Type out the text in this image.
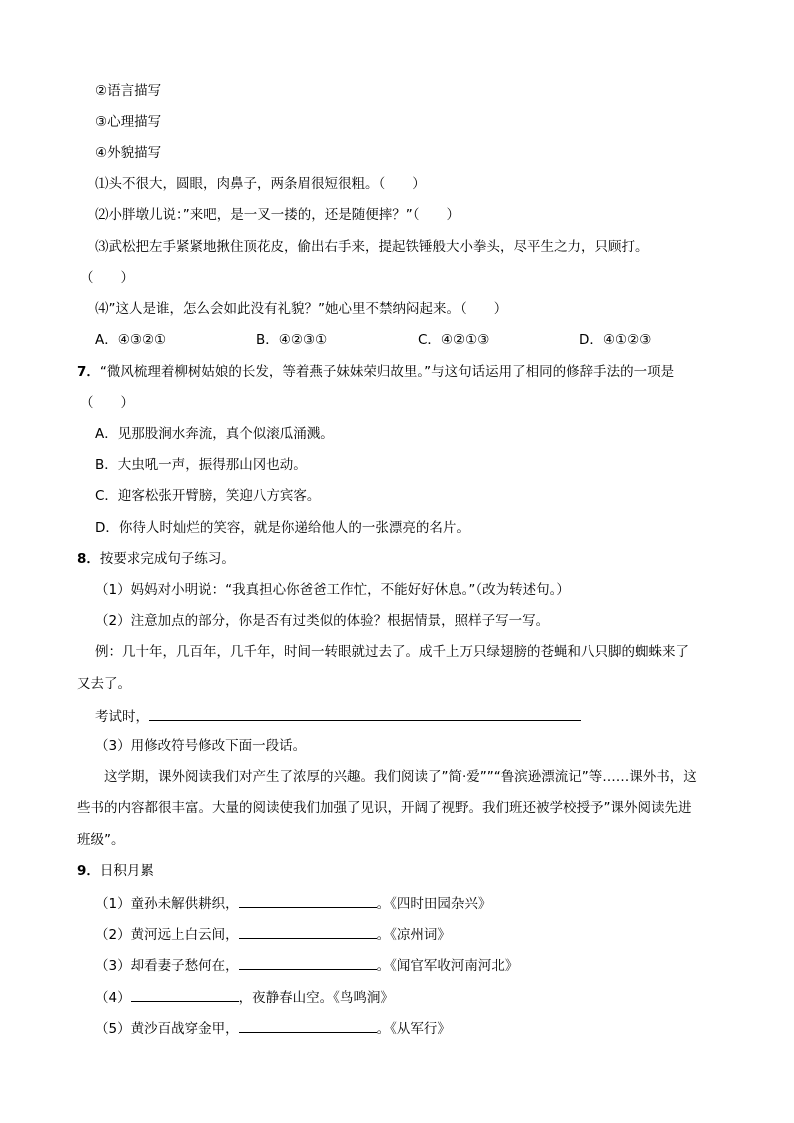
②语言描写
③心理描写
④外貌描写
⑴头不很大，圆眼，肉鼻子，两条眉很短很粗。（　　）
⑵小胖墩儿说：”来吧，是一叉一搂的，还是随便摔？”（　　）
⑶武松把左手紧紧地揪住顶花皮，偷出右手来，提起铁锤般大小拳头，尽平生之力，只顾打。
（　　）
⑷”这人是谁，怎么会如此没有礼貌？”她心里不禁纳闷起来。（　　）
A．④③②①	B．④②③①	C．④②①③	D．④①②③
7．“微风梳理着柳树姑娘的长发，等着燕子妹妹荣归故里。”与这句话运用了相同的修辞手法的一项是
（　　）
A．见那股涧水奔流，真个似滚瓜涌溅。
B．大虫吼一声，振得那山冈也动。
C．迎客松张开臂膀，笑迎八方宾客。
D．你待人时灿烂的笑容，就是你递给他人的一张漂亮的名片。
8．按要求完成句子练习。
（1）妈妈对小明说：“我真担心你爸爸工作忙，不能好好休息。”（改为转述句。）
（2）注意加点的部分，你是否有过类似的体验？根据情景，照样子写一写。
例：几十年，几百年，几千年，时间一转眼就过去了。成千上万只绿翅膀的苍蝇和八只脚的蜘蛛来了
又去了。
考试时，
（3）用修改符号修改下面一段话。
这学期，课外阅读我们对产生了浓厚的兴趣。我们阅读了”简·爱””“鲁滨逊漂流记”等……课外书，这
些书的内容都很丰富。大量的阅读使我们加强了见识，开阔了视野。我们班还被学校授予”课外阅读先进
班级”。
9．日积月累
（1）童孙未解供耕织，	。《四时田园杂兴》
（2）黄河远上白云间，	。《凉州词》
（3）却看妻子愁何在，	。《闻官军收河南河北》
（4）	，夜静春山空。《鸟鸣涧》
（5）黄沙百战穿金甲，	。《从军行》
